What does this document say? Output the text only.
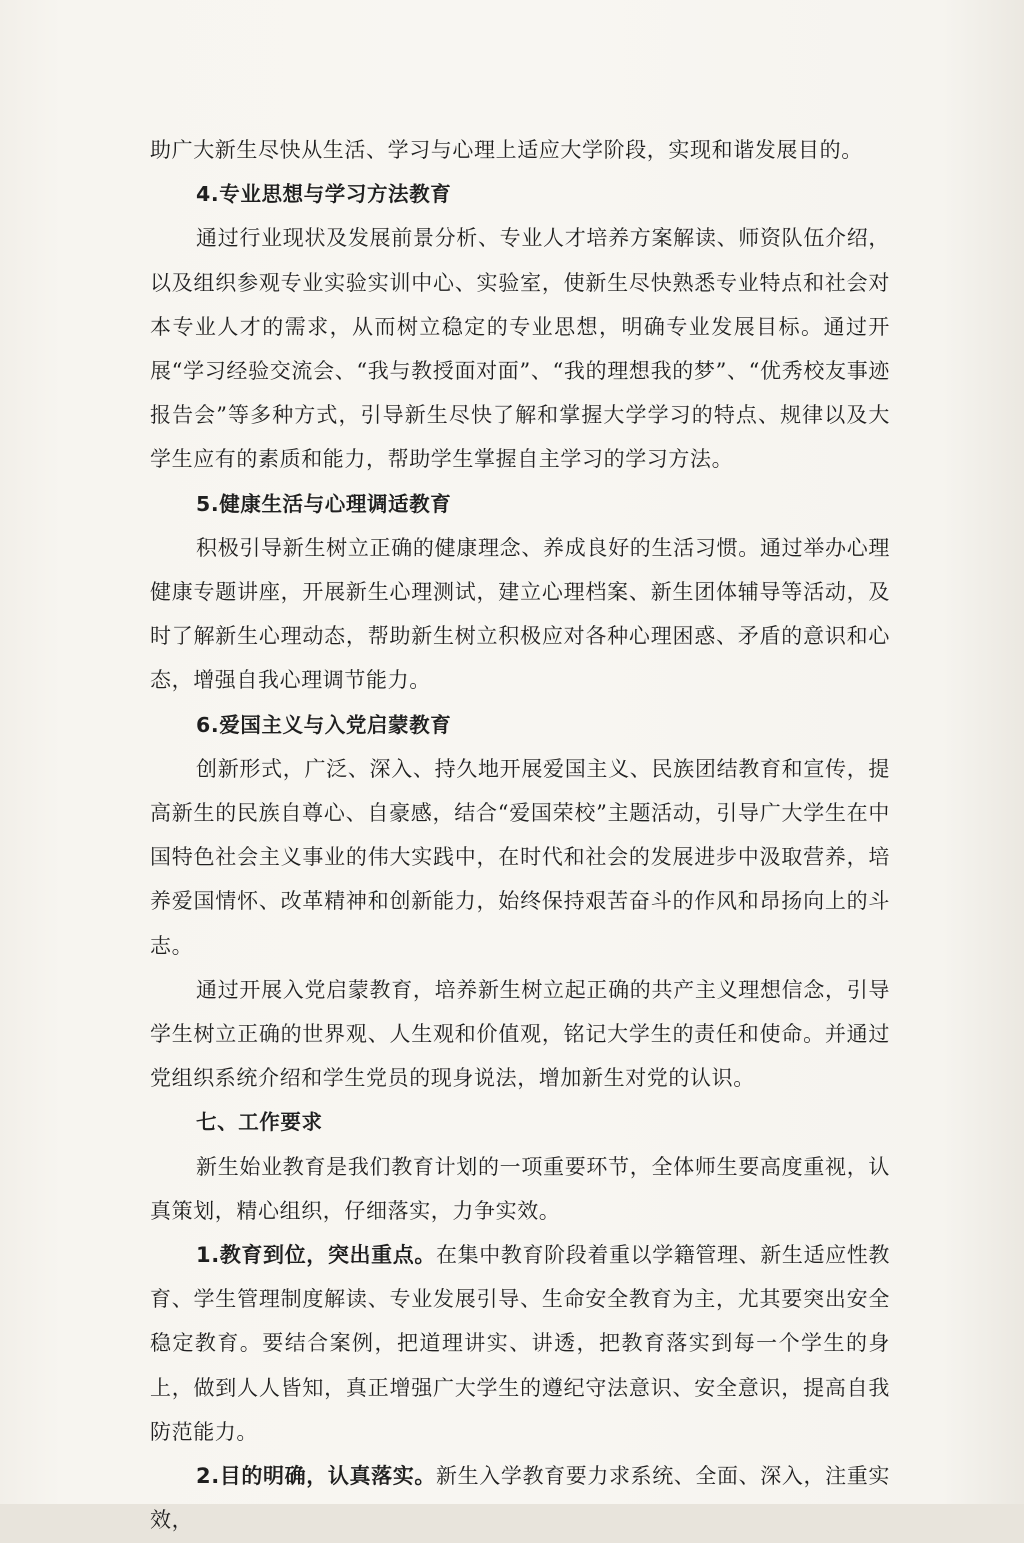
助广大新生尽快从生活、学习与心理上适应大学阶段，实现和谐发展目的。

4.专业思想与学习方法教育

通过行业现状及发展前景分析、专业人才培养方案解读、师资队伍介绍，以及组织参观专业实验实训中心、实验室，使新生尽快熟悉专业特点和社会对本专业人才的需求，从而树立稳定的专业思想，明确专业发展目标。通过开展“学习经验交流会、“我与教授面对面”、“我的理想我的梦”、“优秀校友事迹报告会”等多种方式，引导新生尽快了解和掌握大学学习的特点、规律以及大学生应有的素质和能力，帮助学生掌握自主学习的学习方法。

5.健康生活与心理调适教育

积极引导新生树立正确的健康理念、养成良好的生活习惯。通过举办心理健康专题讲座，开展新生心理测试，建立心理档案、新生团体辅导等活动，及时了解新生心理动态，帮助新生树立积极应对各种心理困惑、矛盾的意识和心态，增强自我心理调节能力。

6.爱国主义与入党启蒙教育

创新形式，广泛、深入、持久地开展爱国主义、民族团结教育和宣传，提高新生的民族自尊心、自豪感，结合“爱国荣校”主题活动，引导广大学生在中国特色社会主义事业的伟大实践中，在时代和社会的发展进步中汲取营养，培养爱国情怀、改革精神和创新能力，始终保持艰苦奋斗的作风和昂扬向上的斗志。

通过开展入党启蒙教育，培养新生树立起正确的共产主义理想信念，引导学生树立正确的世界观、人生观和价值观，铭记大学生的责任和使命。并通过党组织系统介绍和学生党员的现身说法，增加新生对党的认识。

七、工作要求

新生始业教育是我们教育计划的一项重要环节，全体师生要高度重视，认真策划，精心组织，仔细落实，力争实效。

1.教育到位，突出重点。在集中教育阶段着重以学籍管理、新生适应性教育、学生管理制度解读、专业发展引导、生命安全教育为主，尤其要突出安全稳定教育。要结合案例，把道理讲实、讲透，把教育落实到每一个学生的身上，做到人人皆知，真正增强广大学生的遵纪守法意识、安全意识，提高自我防范能力。

2.目的明确，认真落实。新生入学教育要力求系统、全面、深入，注重实效，
